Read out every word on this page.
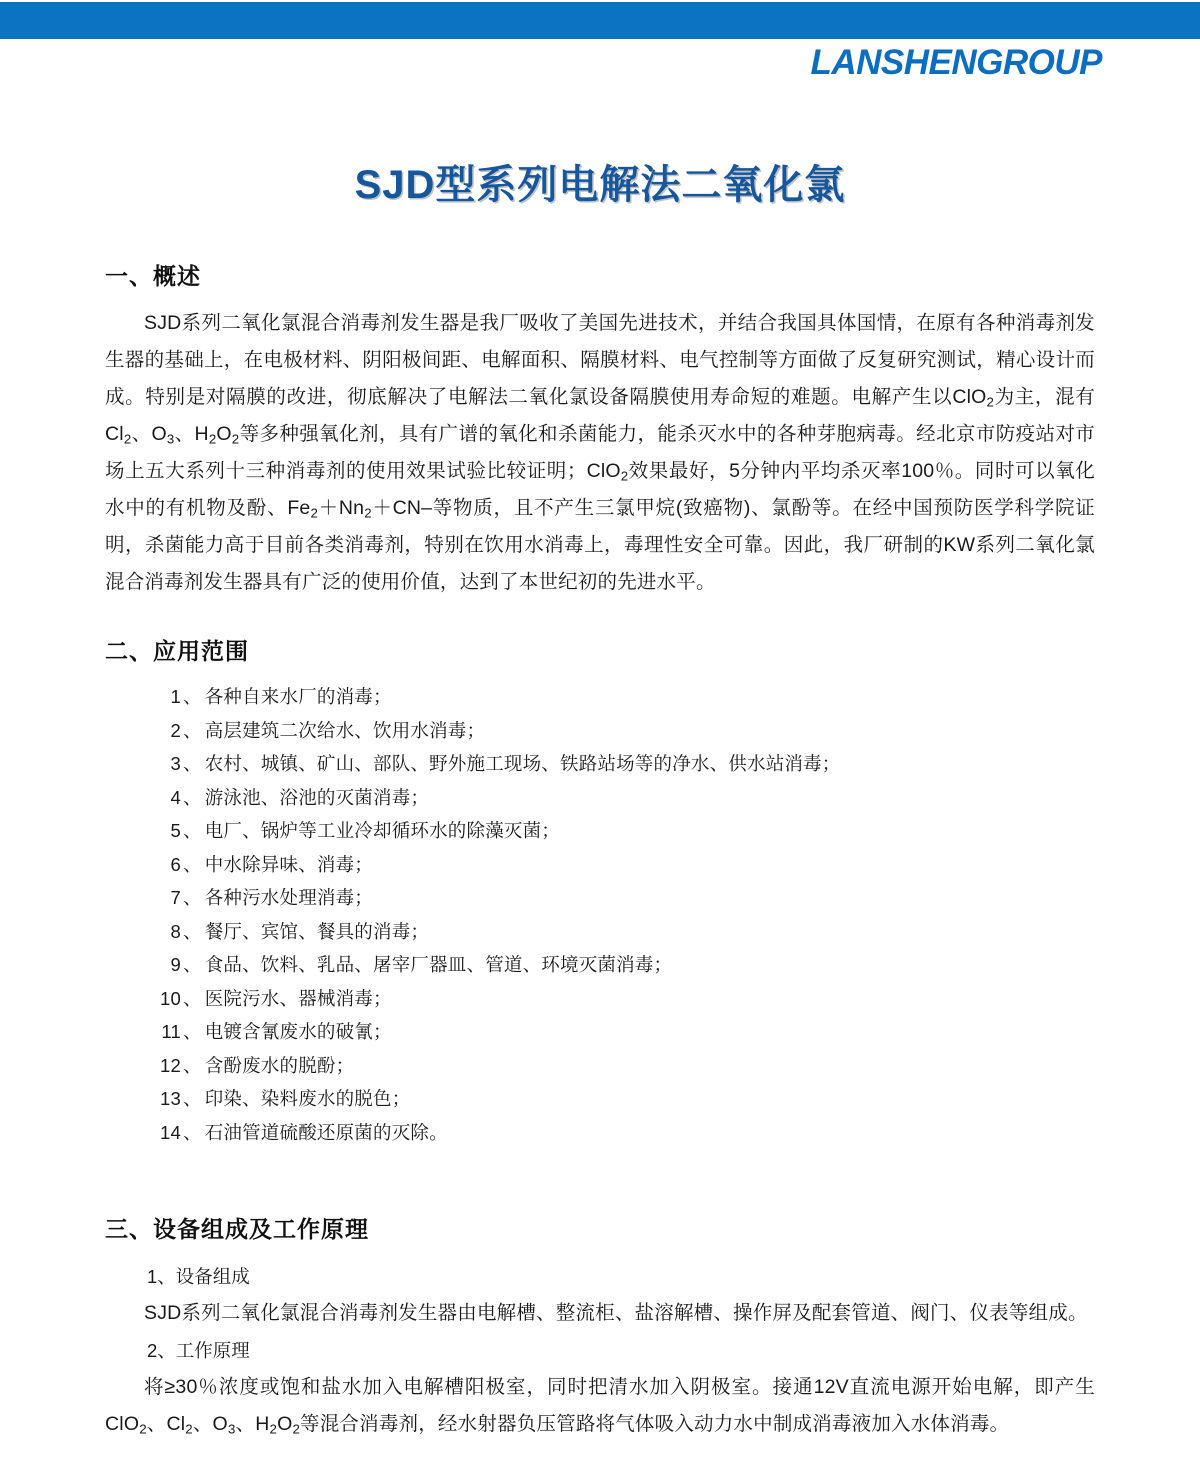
LANSHENGROUP
SJD型系列电解法二氧化氯
一、概述

SJD系列二氧化氯混合消毒剂发生器是我厂吸收了美国先进技术，并结合我国具体国情，在原有各种消毒剂发生器的基础上，在电极材料、阴阳极间距、电解面积、隔膜材料、电气控制等方面做了反复研究测试，精心设计而成。特别是对隔膜的改进，彻底解决了电解法二氧化氯设备隔膜使用寿命短的难题。电解产生以ClO$_2$为主，混有$Cl_2$、$O_3$、$H_2O_2$等多种强氧化剂，具有广谱的氧化和杀菌能力，能杀灭水中的各种芽胞病毒。经北京市防疫站对市场上五大系列十三种消毒剂的使用效果试验比较证明；ClO$_2$效果最好，5分钟内平均杀灭率100％。同时可以氧化水中的有机物及酚、$Fe_2+Nn_2+CN-$等物质，且不产生三氯甲烷(致癌物)、氯酚等。在经中国预防医学科学院证明，杀菌能力高于目前各类消毒剂，特别在饮用水消毒上，毒理性安全可靠。因此，我厂研制的KW系列二氧化氯混合消毒剂发生器具有广泛的使用价值，达到了本世纪初的先进水平。

二、应用范围
1 、 各种自来水厂的消毒；
2 、 高层建筑二次给水、饮用水消毒；
3 、 农村、城镇、矿山、部队、野外施工现场、铁路站场等的净水、供水站消毒；
4 、 游泳池、浴池的灭菌消毒；
5 、 电厂、锅炉等工业冷却循环水的除藻灭菌；
6 、 中水除异味、消毒；
7 、 各种污水处理消毒；
8 、 餐厅、宾馆、餐具的消毒；
9 、 食品、饮料、乳品、屠宰厂器皿、管道、环境灭菌消毒；
10 、 医院污水、器械消毒；
11 、 电镀含氰废水的破氰；
12 、 含酚废水的脱酚；
13 、 印染、染料废水的脱色；
14 、 石油管道硫酸还原菌的灭除。
三、设备组成及工作原理

1、设备组成

SJD系列二氧化氯混合消毒剂发生器由电解槽、整流柜、盐溶解槽、操作屏及配套管道、阀门、仪表等组成。

2、工作原理

将≥30％浓度或饱和盐水加入电解槽阳极室，同时把清水加入阴极室。接通12V直流电源开始电解，即产生ClO$_2$、$Cl_2$、$O_3$、$H_2O_2$等混合消毒剂，经水射器负压管路将气体吸入动力水中制成消毒液加入水体消毒。
